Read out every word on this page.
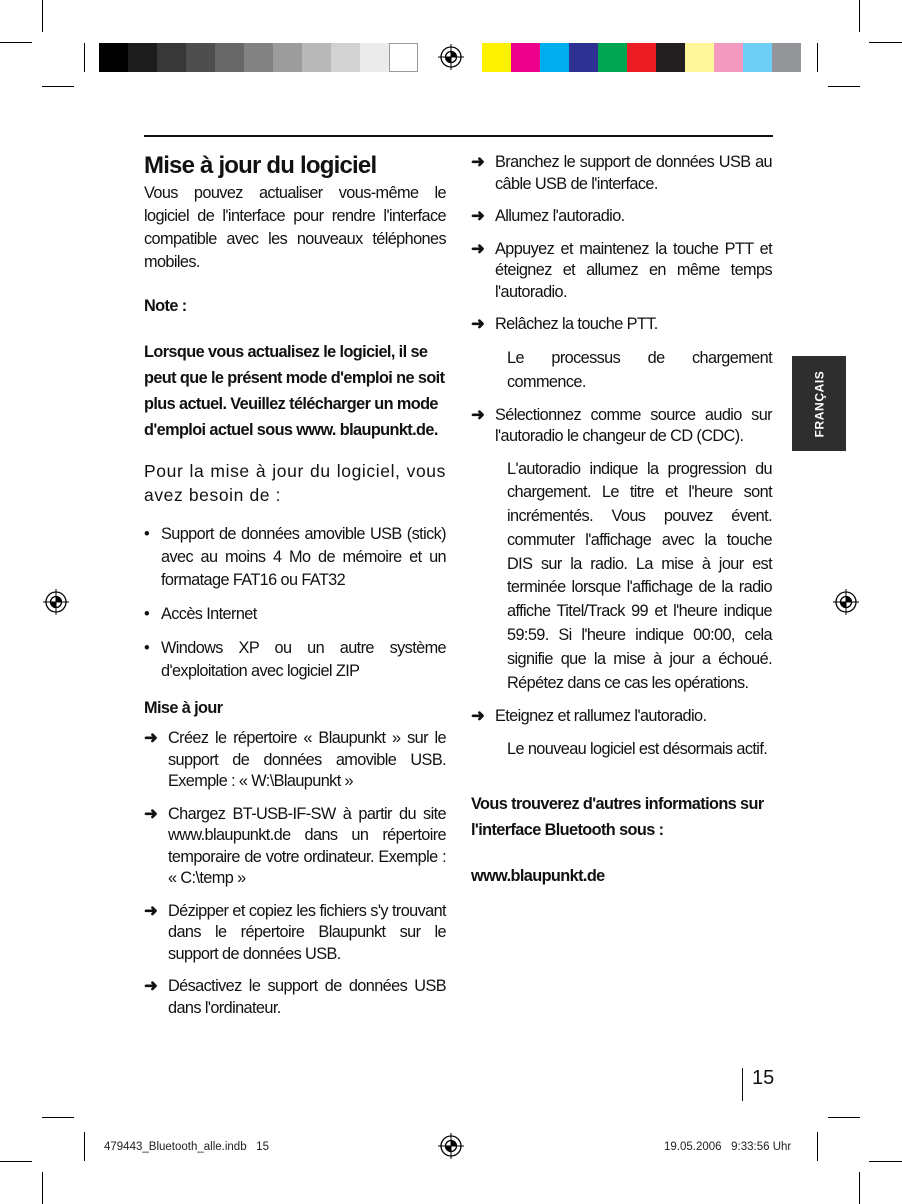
Mise à jour du logiciel

Vous pouvez actualiser vous-même le logiciel de l'interface pour rendre l'interface compatible avec les nouveaux téléphones mobiles.

Note :

Lorsque vous actualisez le logiciel, il se peut que le présent mode d'emploi ne soit plus actuel. Veuillez télécharger un mode d'emploi actuel sous www. blaupunkt.de.

Pour la mise à jour du logiciel, vous avez besoin de :

• Support de données amovible USB (stick) avec au moins 4 Mo de mémoire et un formatage FAT16 ou FAT32
• Accès Internet
• Windows XP ou un autre système d'exploitation avec logiciel ZIP
Mise à jour
➜ Créez le répertoire « Blaupunkt » sur le support de données amovible USB. Exemple : « W:\Blaupunkt »
➜ Chargez BT-USB-IF-SW à partir du site www.blaupunkt.de dans un répertoire temporaire de votre ordinateur. Exemple : « C:\temp »
➜ Dézipper et copiez les fichiers s'y trouvant dans le répertoire Blaupunkt sur le support de données USB.
➜ Désactivez le support de données USB dans l'ordinateur.
➜ Branchez le support de données USB au câble USB de l'interface.
➜ Allumez l'autoradio.
➜ Appuyez et maintenez la touche PTT et éteignez et allumez en même temps l'autoradio.
➜ Relâchez la touche PTT.

Le processus de chargement commence.

➜ Sélectionnez comme source audio sur l'autoradio le changeur de CD (CDC).

L'autoradio indique la progression du chargement. Le titre et l'heure sont incrémentés. Vous pouvez évent. commuter l'affichage avec la touche DIS sur la radio. La mise à jour est terminée lorsque l'affichage de la radio affiche Titel/Track 99 et l'heure indique 59:59. Si l'heure indique 00:00, cela signifie que la mise à jour a échoué. Répétez dans ce cas les opérations.

➜ Eteignez et rallumez l'autoradio.

Le nouveau logiciel est désormais actif.

Vous trouverez d'autres informations sur l'interface Bluetooth sous :

www.blaupunkt.de
FRANÇAIS
15
479443_Bluetooth_alle.indb   15	19.05.2006   9:33:56 Uhr
